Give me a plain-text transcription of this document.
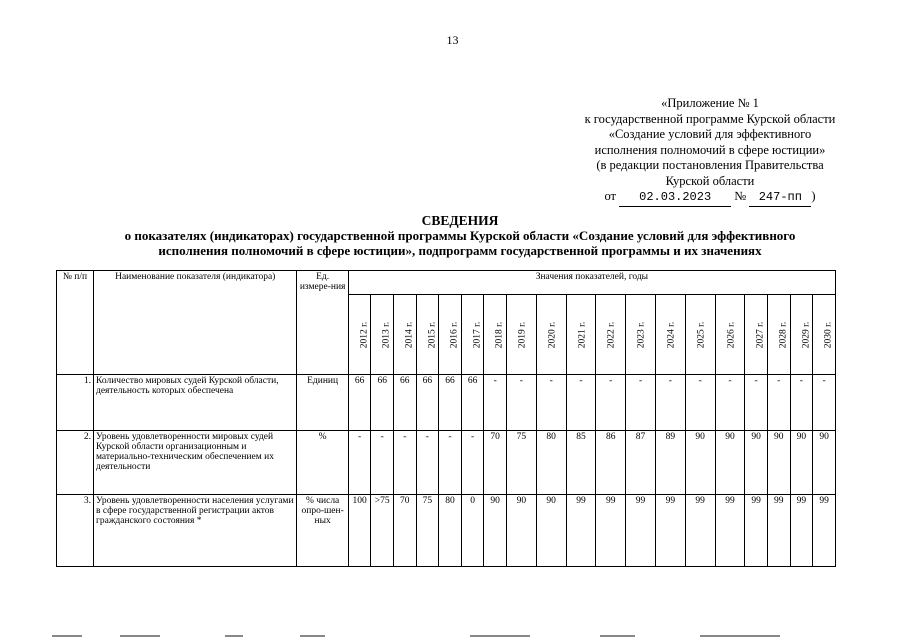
13
«Приложение № 1
к государственной программе Курской области
«Создание условий для эффективного
исполнения полномочий в сфере юстиции»
(в редакции постановления Правительства
Курской области
от 02.03.2023 № 247-пп )
СВЕДЕНИЯ
о показателях (индикаторах) государственной программы Курской области «Создание условий для эффективного
исполнения полномочий в сфере юстиции», подпрограмм государственной программы и их значениях
№ п/п	Наименование показателя (индикатора)	Ед. измере-ния	Значения показателей, годы																		
			2012 г.	2013 г.	2014 г.	2015 г.	2016 г.	2017 г.	2018 г.	2019 г.	2020 г.	2021 г.	2022 г.	2023 г.	2024 г.	2025 г.	2026 г.	2027 г.	2028 г.	2029 г.	2030 г.
1.	Количество мировых судей Курской области, деятельность которых обеспечена	Единиц	66	66	66	66	66	66	-	-	-	-	-	-	-	-	-	-	-	-	-
2.	Уровень удовлетворенности мировых судей Курской области организационным и материально-техническим обеспечением их деятельности	%	-	-	-	-	-	-	70	75	80	85	86	87	89	90	90	90	90	90	90
3.	Уровень удовлетворенности населения услугами в сфере государственной регистрации актов гражданского состояния *	% числа опро-шен-ных	100	>75	70	75	80	0	90	90	90	99	99	99	99	99	99	99	99	99	99
